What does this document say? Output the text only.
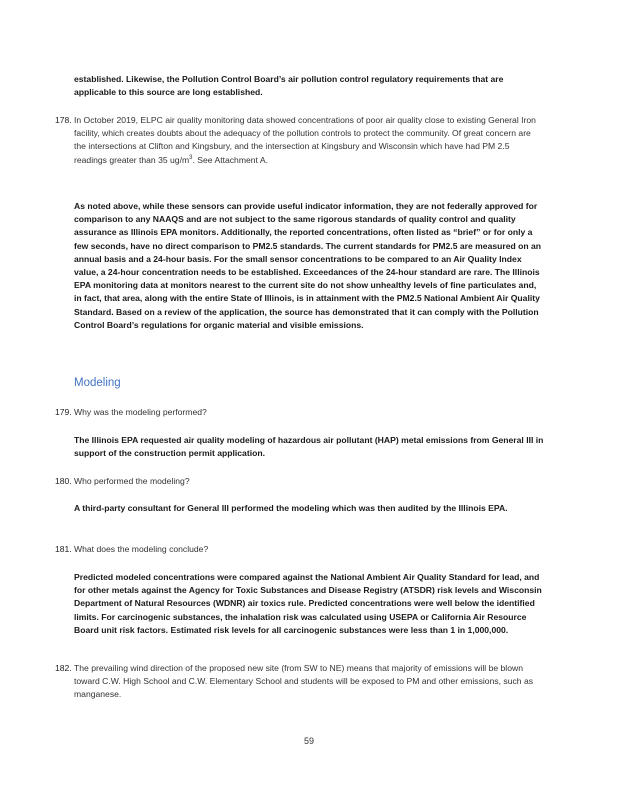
established. Likewise, the Pollution Control Board’s air pollution control regulatory requirements that are applicable to this source are long established.

178. In October 2019, ELPC air quality monitoring data showed concentrations of poor air quality close to existing General Iron facility, which creates doubts about the adequacy of the pollution controls to protect the community. Of great concern are the intersections at Clifton and Kingsbury, and the intersection at Kingsbury and Wisconsin which have had PM 2.5 readings greater than 35 $ug/m^3$. See Attachment A.

As noted above, while these sensors can provide useful indicator information, they are not federally approved for comparison to any NAAQS and are not subject to the same rigorous standards of quality control and quality assurance as Illinois EPA monitors. Additionally, the reported concentrations, often listed as “brief” or for only a few seconds, have no direct comparison to PM2.5 standards. The current standards for PM2.5 are measured on an annual basis and a 24-hour basis. For the small sensor concentrations to be compared to an Air Quality Index value, a 24-hour concentration needs to be established. Exceedances of the 24-hour standard are rare. The Illinois EPA monitoring data at monitors nearest to the current site do not show unhealthy levels of fine particulates and, in fact, that area, along with the entire State of Illinois, is in attainment with the PM2.5 National Ambient Air Quality Standard. Based on a review of the application, the source has demonstrated that it can comply with the Pollution Control Board’s regulations for organic material and visible emissions.

Modeling
179. Why was the modeling performed?

The Illinois EPA requested air quality modeling of hazardous air pollutant (HAP) metal emissions from General III in support of the construction permit application.

180. Who performed the modeling?

A third-party consultant for General III performed the modeling which was then audited by the Illinois EPA.

181. What does the modeling conclude?

Predicted modeled concentrations were compared against the National Ambient Air Quality Standard for lead, and for other metals against the Agency for Toxic Substances and Disease Registry (ATSDR) risk levels and Wisconsin Department of Natural Resources (WDNR) air toxics rule. Predicted concentrations were well below the identified limits. For carcinogenic substances, the inhalation risk was calculated using USEPA or California Air Resource Board unit risk factors. Estimated risk levels for all carcinogenic substances were less than 1 in 1,000,000.

182. The prevailing wind direction of the proposed new site (from SW to NE) means that majority of emissions will be blown toward C.W. High School and C.W. Elementary School and students will be exposed to PM and other emissions, such as manganese.
59
